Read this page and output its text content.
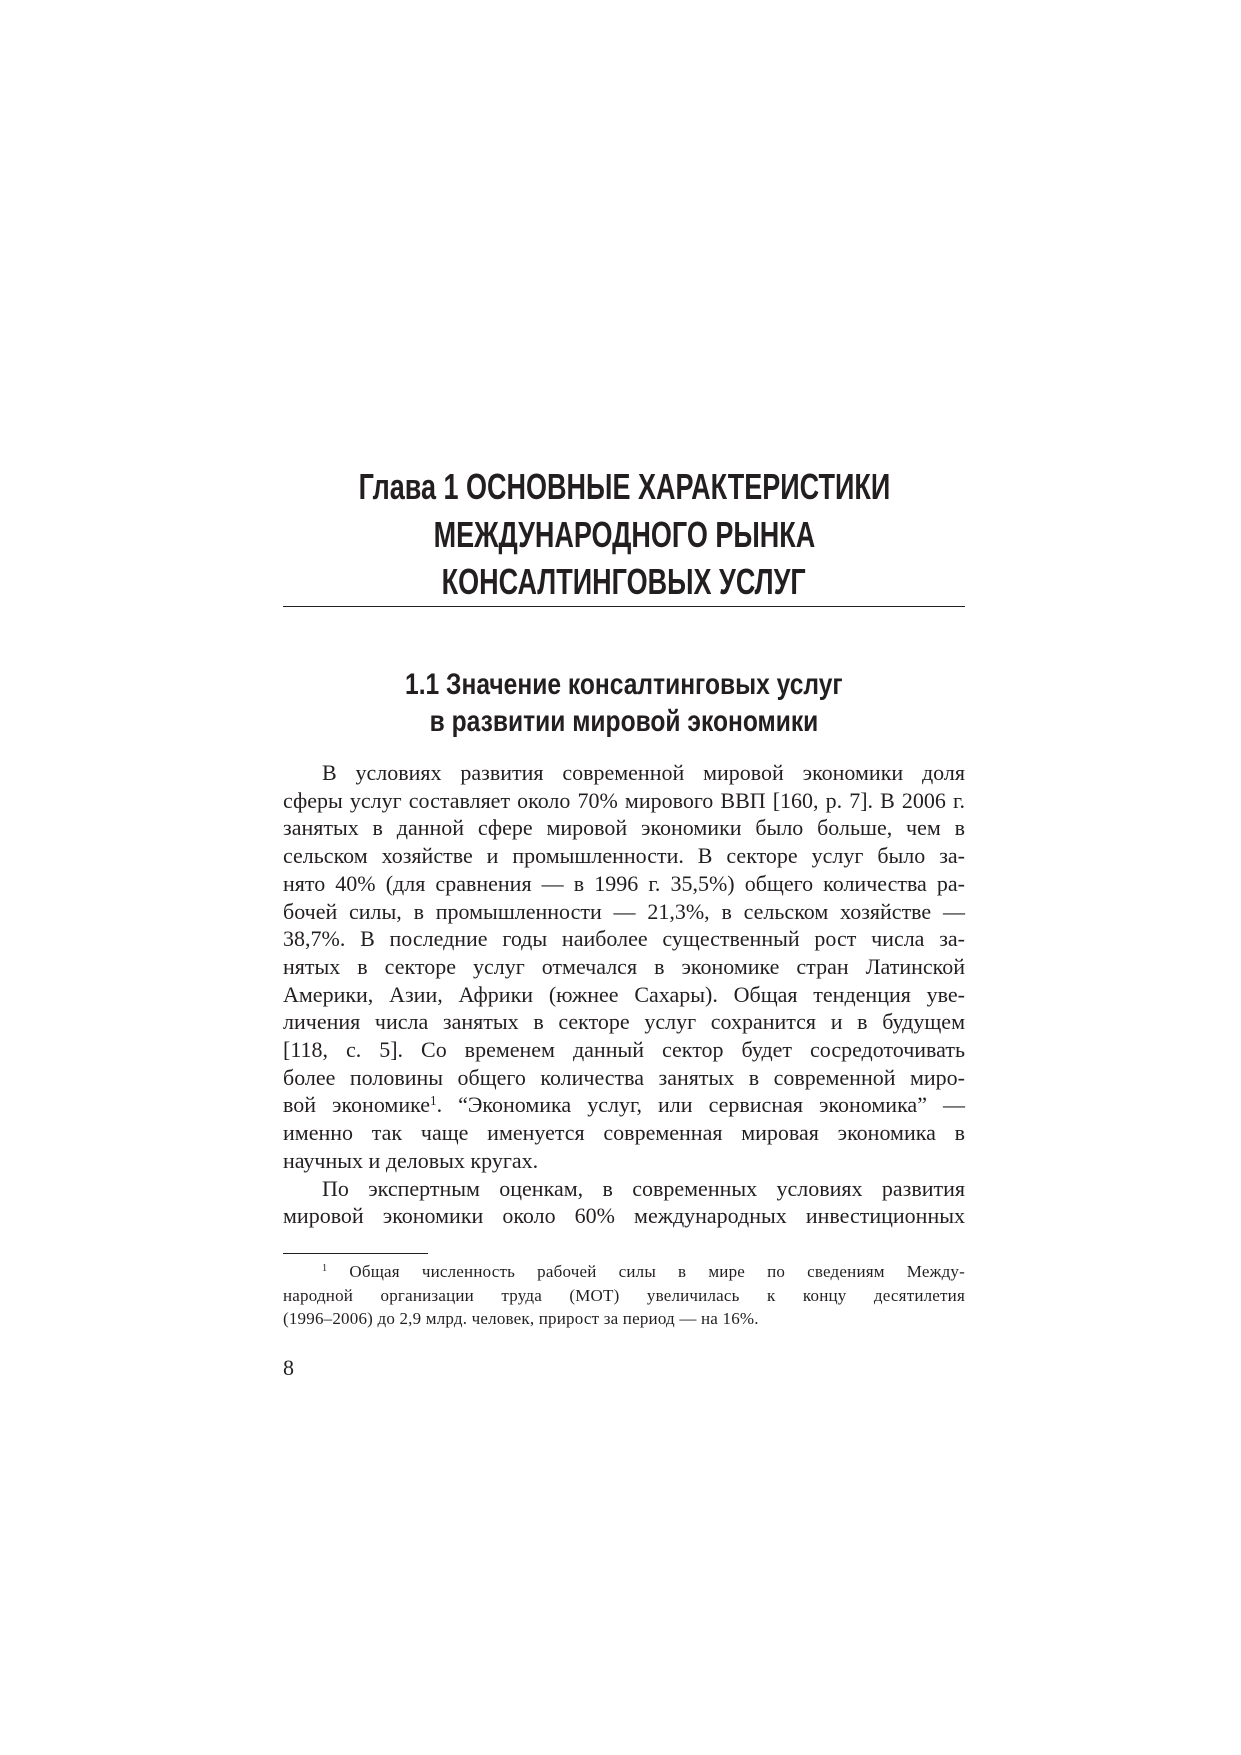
Глава 1 ОСНОВНЫЕ ХАРАКТЕРИСТИКИ
МЕЖДУНАРОДНОГО РЫНКА
КОНСАЛТИНГОВЫХ УСЛУГ
1.1 Значение консалтинговых услуг
в развитии мировой экономики
В условиях развития современной мировой экономики доля
сферы услуг составляет около 70% мирового ВВП [160, p. 7]. В 2006 г.
занятых в данной сфере мировой экономики было больше, чем в
сельском хозяйстве и промышленности. В секторе услуг было за-
нято 40% (для сравнения — в 1996 г. 35,5%) общего количества ра-
бочей силы, в промышленности — 21,3%, в сельском хозяйстве —
38,7%. В последние годы наиболее существенный рост числа за-
нятых в секторе услуг отмечался в экономике стран Латинской
Америки, Азии, Африки (южнее Сахары). Общая тенденция уве-
личения числа занятых в секторе услуг сохранится и в будущем
[118, с. 5]. Со временем данный сектор будет сосредоточивать
более половины общего количества занятых в современной миро-
вой экономике$^1$. “Экономика услуг, или сервисная экономика” —
именно так чаще именуется современная мировая экономика в
научных и деловых кругах.
По экспертным оценкам, в современных условиях развития
мировой экономики около 60% международных инвестиционных
$^1$ Общая численность рабочей силы в мире по сведениям Между-
народной организации труда (МОТ) увеличилась к концу десятилетия
(1996–2006) до 2,9 млрд. человек, прирост за период — на 16%.
8
